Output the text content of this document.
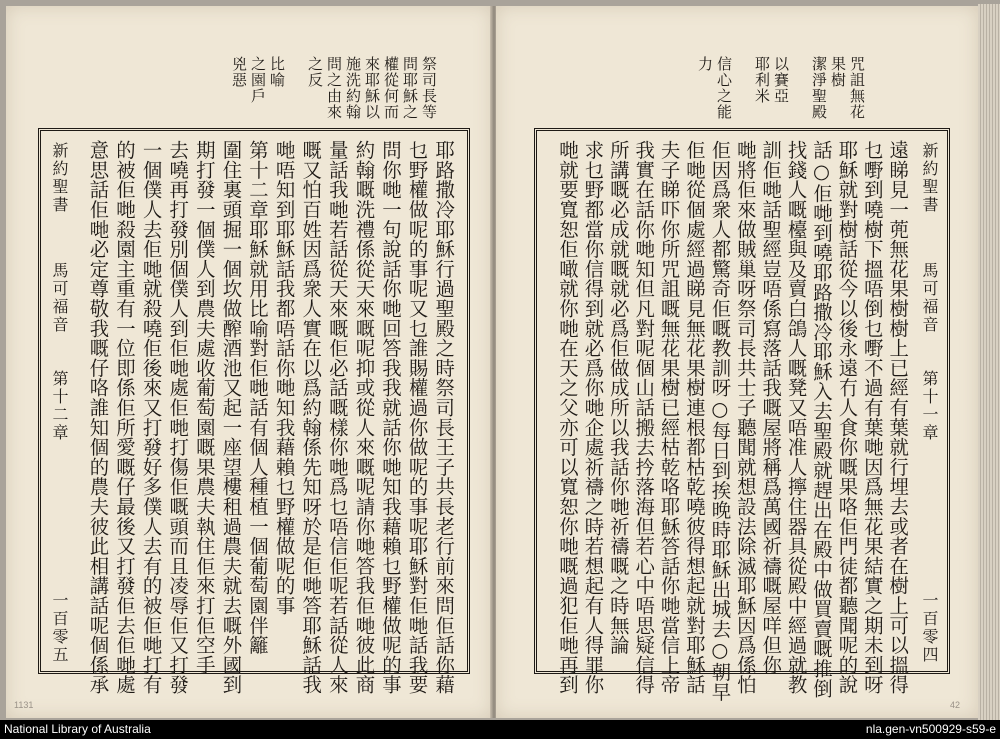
祭司長等
問耶穌之
權從何而
來耶穌以
施洗約翰
問之由來
之反
比喻
之園戶
兇惡
新約聖書
馬可福音
第十二章
一百零五	耶路撒冷耶穌行過聖殿之時祭司長王子共長老行前來問佢話你藉
乜野權做呢的事呢又乜誰賜權過你做呢的事呢耶穌對佢哋話我要
問你哋一句說話你哋回答我我就話你哋知我藉賴乜野權做呢的事
約翰嘅洗禮係從天來嘅呢抑或從人來嘅呢請你哋答我佢哋彼此商
量話我哋若話從天來嘅佢必話嘅樣你哋爲乜唔信佢呢若話從人來
嘅又怕百姓因爲衆人實在以爲約翰係先知呀於是佢哋答耶穌話我
哋唔知到耶穌話我都唔話你哋知我藉賴乜野權做呢的事
第十二章耶穌就用比喻對佢哋話有個人種植一個葡萄園伴籬
圍住裏頭掘一個坎做醡酒池又起一座望樓租過農夫就去嘅外國到
期打發一個僕人到農夫處收葡萄園嘅果農夫執住佢來打佢空手
去嘵再打發別個僕人到佢哋處佢哋打傷佢嘅頭而且凌辱佢又打發
一個僕人去佢哋就殺嘵佢後來又打發好多僕人去有的被佢哋打有
的被佢哋殺園主重有一位即係佢所愛嘅仔最後又打發佢去佢哋處
意思話佢哋必定尊敬我嘅仔咯誰知個的農夫彼此相講話呢個係承
咒詛無花
果樹
潔淨聖殿
以賽亞
耶利米
信心之能
力
新約聖書
馬可福音
第十一章
一百零四
遠睇見一蔸無花果樹樹上已經有葉就行埋去或者在樹上可以搵得
乜嘢到嘵樹下搵唔倒乜嘢不過有葉哋因爲無花果結實之期未到呀
耶穌就對樹話從今以後永遠冇人食你嘅果咯佢門徒都聽聞呢的說
話○佢哋到嘵耶路撒冷耶穌入去聖殿就趕出在殿中做買賣嘅推倒
找錢人嘅檯與及賣白鴿人嘅凳又唔准人擰住器具從殿中經過就教
訓佢哋話聖經豈唔係寫落話我嘅屋將稱爲萬國祈禱嘅屋咩但你
哋將佢來做賊巢呀祭司長共士子聽聞就想設法除滅耶穌因爲係怕
佢因爲衆人都驚奇佢嘅教訓呀○每日到挨晚時耶穌出城去○朝早
佢哋從個處經過睇見無花果樹連根都枯乾嘵彼得想起就對耶穌話
夫子睇吓你所咒詛嘅無花果樹已經枯乾咯耶穌答話你哋當信上帝
我實在話你哋知但凡對呢個山話搬去扲落海但若心中唔思疑信得
所講嘅必成就嘅就必爲佢做成所以我話你哋祈禱嘅之時無論
求乜野都當你信得到就必爲你哋企處祈禱之時若想起有人得罪你
哋就要寬恕佢噉就你哋在天之父亦可以寬恕你哋嘅過犯佢哋再到
1131	42
National Library of Australia	nla.gen-vn500929-s59-e
